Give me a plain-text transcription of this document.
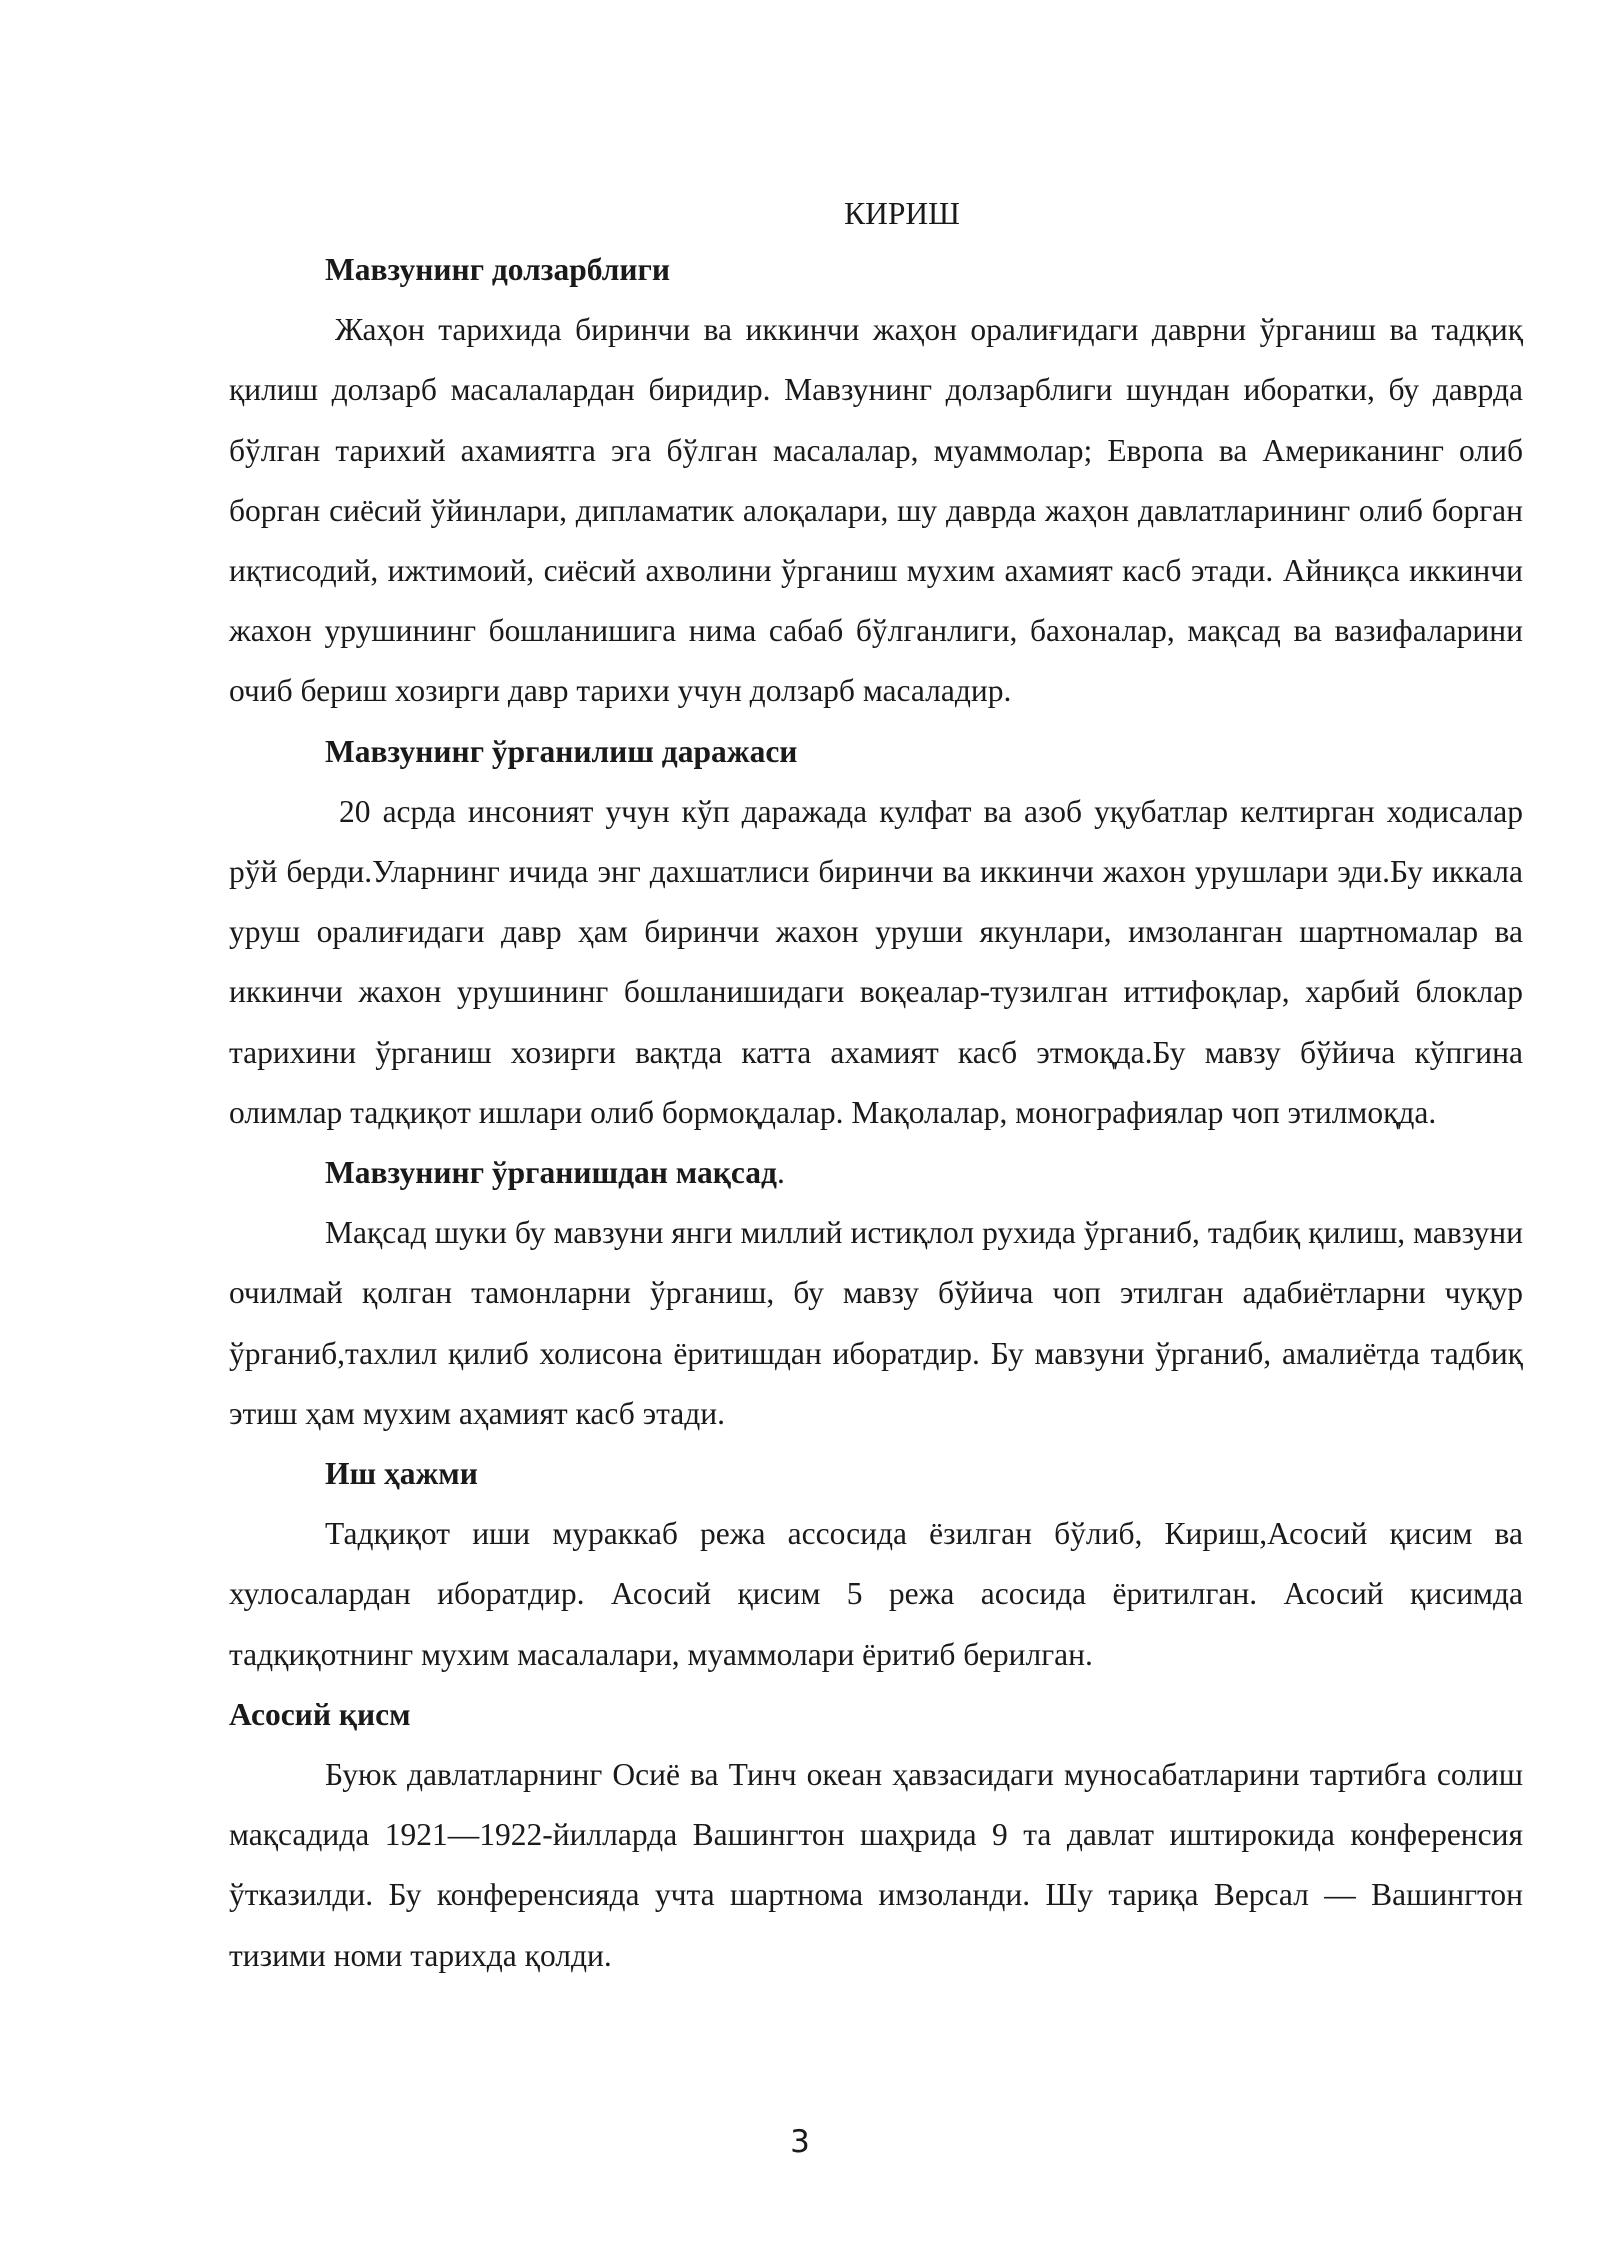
КИРИШ

Мавзунинг долзарблиги

Жаҳон тарихида биринчи ва иккинчи жаҳон оралиғидаги даврни ўрганиш ва тадқиқ қилиш долзарб масалалардан биридир. Мавзунинг долзарблиги шундан иборатки, бу даврда бўлган тарихий ахамиятга эга бўлган масалалар, муаммолар; Европа ва Американинг олиб борган сиёсий ўйинлари, дипламатик алоқалари, шу даврда жаҳон давлатларининг олиб борган иқтисодий, ижтимоий, сиёсий ахволини ўрганиш мухим ахамият касб этади. Айниқса иккинчи жахон урушининг бошланишига нима сабаб бўлганлиги, бахоналар, мақсад ва вазифаларини очиб бериш хозирги давр тарихи учун долзарб масаладир.

Мавзунинг ўрганилиш даражаси

20 асрда инсоният учун кўп даражада кулфат ва азоб уқубатлар келтирган ходисалар рўй берди.Уларнинг ичида энг дахшатлиси биринчи ва иккинчи жахон урушлари эди.Бу иккала уруш оралиғидаги давр ҳам биринчи жахон уруши якунлари, имзоланган шартномалар ва иккинчи жахон урушининг бошланишидаги воқеалар-тузилган иттифоқлар, харбий блоклар тарихини ўрганиш хозирги вақтда катта ахамият касб этмоқда.Бу мавзу бўйича кўпгина олимлар тадқиқот ишлари олиб бормоқдалар. Мақолалар, монографиялар чоп этилмоқда.

Мавзунинг ўрганишдан мақсад.

Мақсад шуки бу мавзуни янги миллий истиқлол рухида ўрганиб, тадбиқ қилиш, мавзуни очилмай қолган тамонларни ўрганиш, бу мавзу бўйича чоп этилган адабиётларни чуқур ўрганиб,тахлил қилиб холисона ёритишдан иборатдир. Бу мавзуни ўрганиб, амалиётда тадбиқ этиш ҳам мухим аҳамият касб этади.

Иш ҳажми

Тадқиқот иши мураккаб режа ассосида ёзилган бўлиб, Кириш,Асосий қисим ва хулосалардан иборатдир. Асосий қисим 5 режа асосида ёритилган. Асосий қисимда тадқиқотнинг мухим масалалари, муаммолари ёритиб берилган.

Асосий қисм

Буюк давлатларнинг Осиё ва Тинч океан ҳавзасидаги муносабатларини тартибга солиш мақсадида 1921—1922-йилларда Вашингтон шаҳрида 9 та давлат иштирокида конференсия ўтказилди. Бу конференсияда учта шартнома имзоланди. Шу тариқа Версал — Вашингтон тизими номи тарихда қолди.

3
